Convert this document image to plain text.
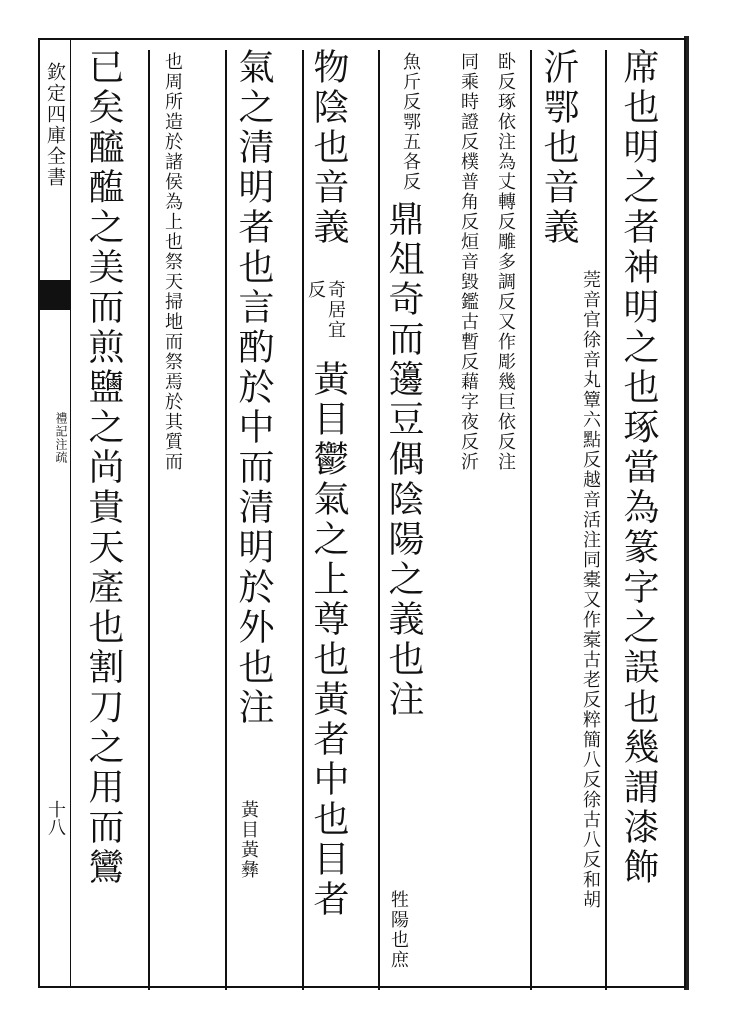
欽定四庫全書
禮記注疏
十八	席也明之者神明之也琢當為篆字之誤也幾謂漆飾
沂鄂也音義
莞音官徐音丸簟六點反越音活注同橐又作槖古老反粹簡八反徐古八反和胡
卧反琢依注為丈轉反雕多調反又作彫幾巨依反注
同乘時證反樸普角反烜音毀鑑古暫反藉字夜反沂
魚斤反鄂五各反
鼎俎奇而籩豆偶陰陽之義也注
牲陽也庶
物陰也音義
奇居宜反
黃目鬱氣之上尊也黃者中也目者
氣之清明者也言酌於中而清明於外也注
黃目黃彝
也周所造於諸侯為上也祭天掃地而祭焉於其質而
已矣醯醢之美而煎鹽之尚貴天產也割刀之用而鸞
